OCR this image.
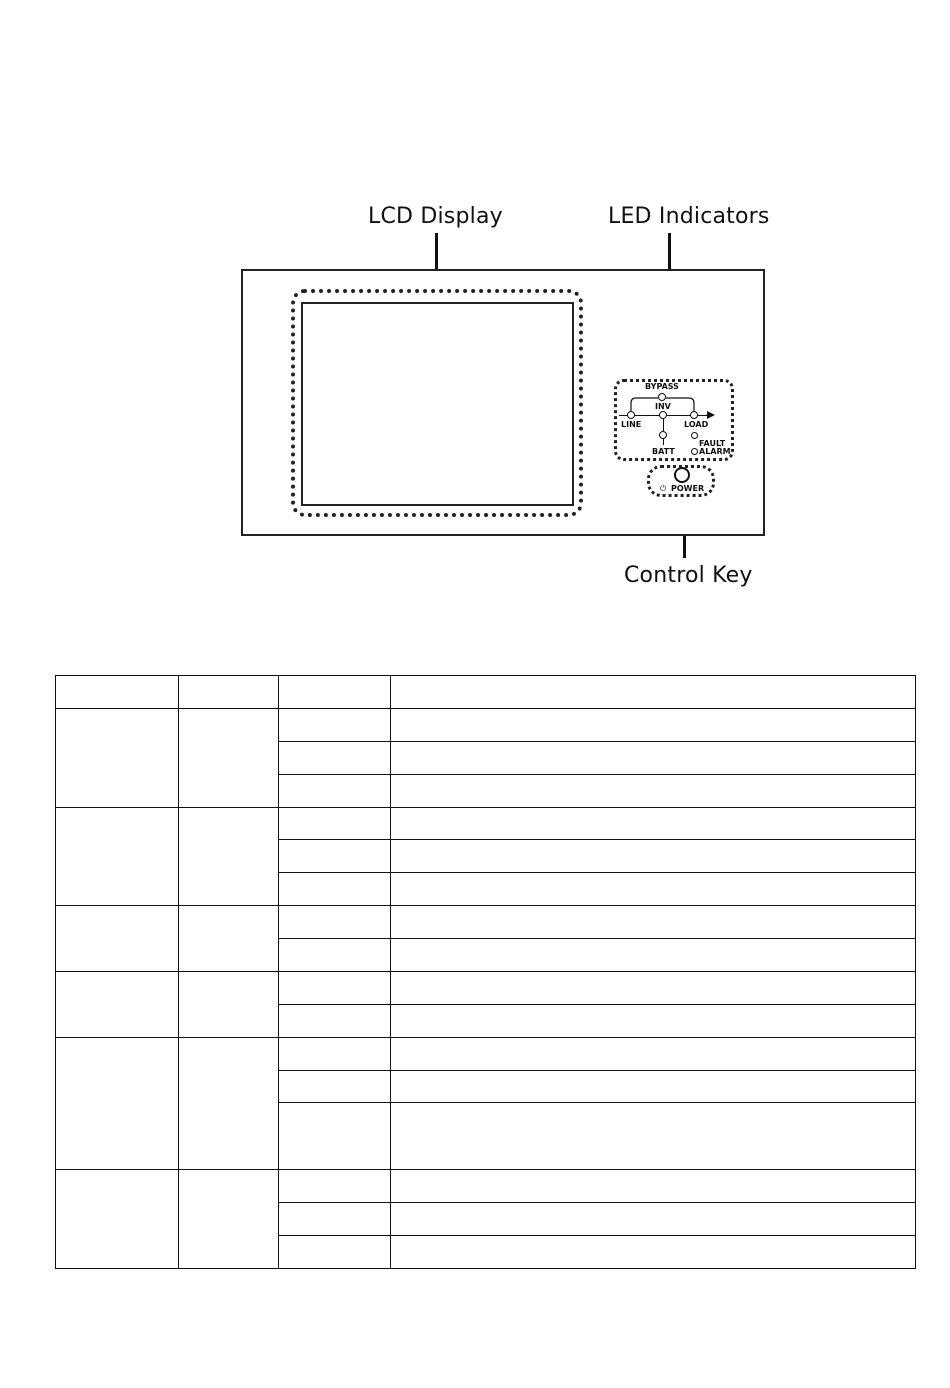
LCD Display	LED Indicators
Control Key
BYPASS
INV
LINE	LOAD
BATT
FAULT
ALARM
⏻ POWER
